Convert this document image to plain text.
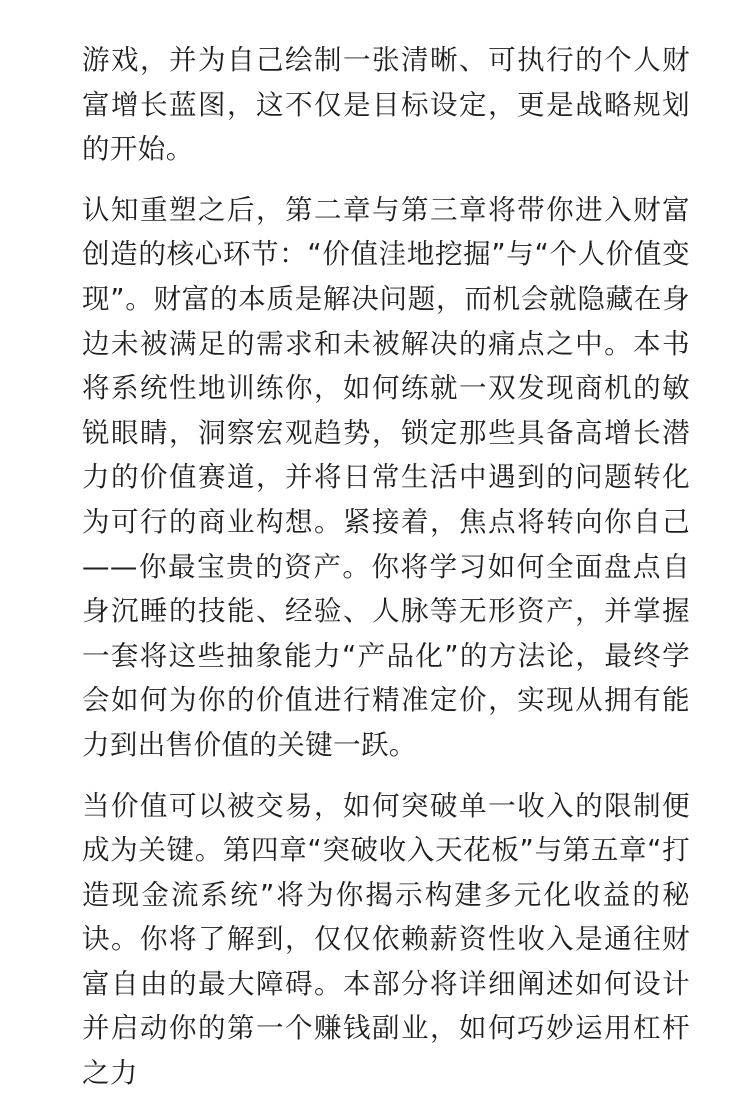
游戏，并为自己绘制一张清晰、可执行的个人财富增长蓝图，这不仅是目标设定，更是战略规划的开始。

认知重塑之后，第二章与第三章将带你进入财富创造的核心环节：“价值洼地挖掘”与“个人价值变现”。财富的本质是解决问题，而机会就隐藏在身边未被满足的需求和未被解决的痛点之中。本书将系统性地训练你，如何练就一双发现商机的敏锐眼睛，洞察宏观趋势，锁定那些具备高增长潜力的价值赛道，并将日常生活中遇到的问题转化为可行的商业构想。紧接着，焦点将转向你自己——你最宝贵的资产。你将学习如何全面盘点自身沉睡的技能、经验、人脉等无形资产，并掌握一套将这些抽象能力“产品化”的方法论，最终学会如何为你的价值进行精准定价，实现从拥有能力到出售价值的关键一跃。

当价值可以被交易，如何突破单一收入的限制便成为关键。第四章“突破收入天花板”与第五章“打造现金流系统”将为你揭示构建多元化收益的秘诀。你将了解到，仅仅依赖薪资性收入是通往财富自由的最大障碍。本部分将详细阐述如何设计并启动你的第一个赚钱副业，如何巧妙运用杠杆之力
